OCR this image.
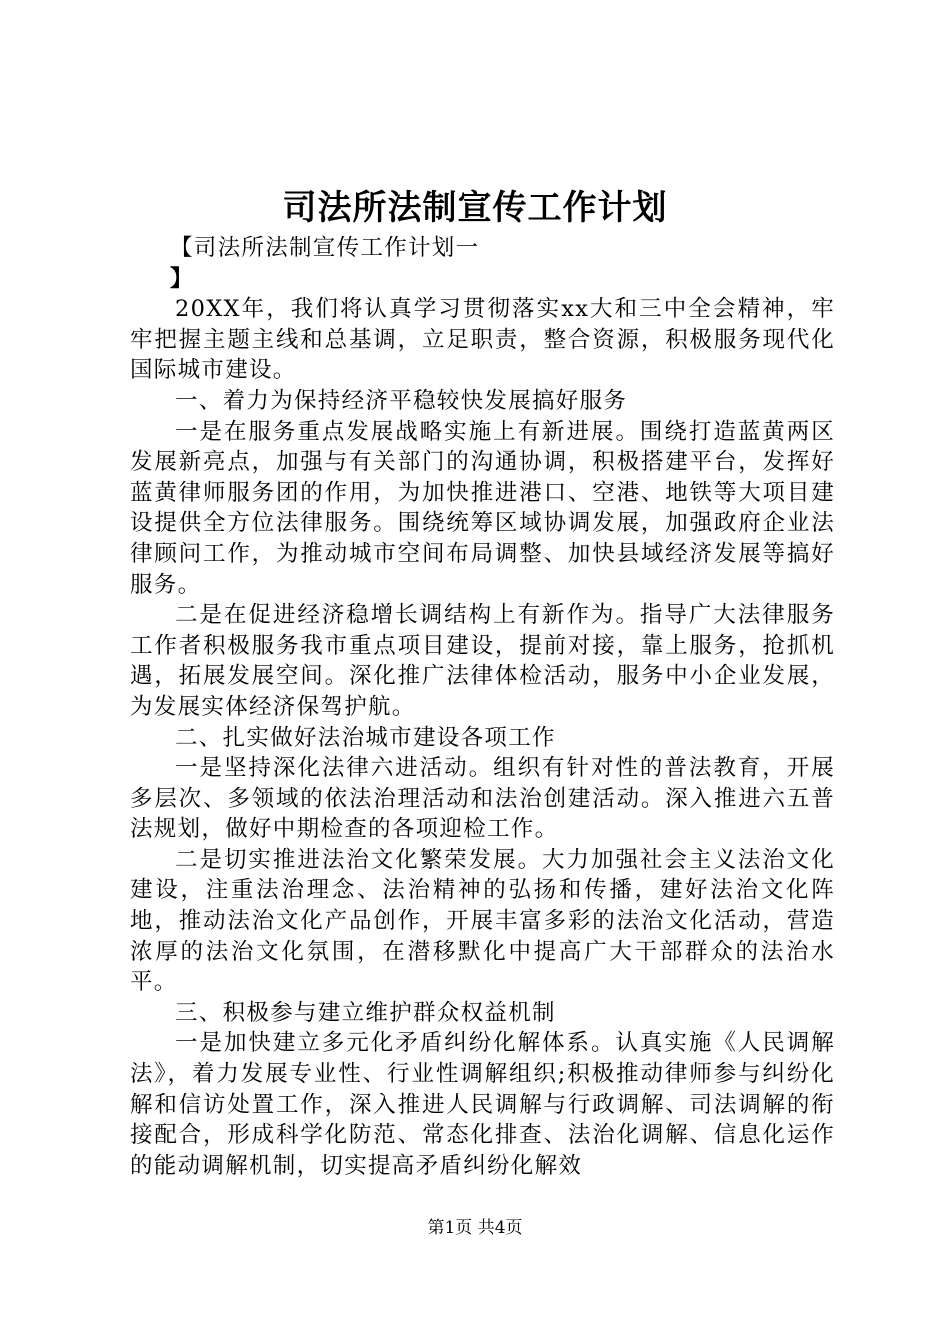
司法所法制宣传工作计划

【司法所法制宣传工作计划一

】

20XX年，我们将认真学习贯彻落实xx大和三中全会精神，牢牢把握主题主线和总基调，立足职责，整合资源，积极服务现代化国际城市建设。

一、着力为保持经济平稳较快发展搞好服务

一是在服务重点发展战略实施上有新进展。围绕打造蓝黄两区发展新亮点，加强与有关部门的沟通协调，积极搭建平台，发挥好蓝黄律师服务团的作用，为加快推进港口、空港、地铁等大项目建设提供全方位法律服务。围绕统筹区域协调发展，加强政府企业法律顾问工作，为推动城市空间布局调整、加快县域经济发展等搞好服务。

二是在促进经济稳增长调结构上有新作为。指导广大法律服务工作者积极服务我市重点项目建设，提前对接，靠上服务，抢抓机遇，拓展发展空间。深化推广法律体检活动，服务中小企业发展，为发展实体经济保驾护航。

二、扎实做好法治城市建设各项工作

一是坚持深化法律六进活动。组织有针对性的普法教育，开展多层次、多领域的依法治理活动和法治创建活动。深入推进六五普法规划，做好中期检查的各项迎检工作。

二是切实推进法治文化繁荣发展。大力加强社会主义法治文化建设，注重法治理念、法治精神的弘扬和传播，建好法治文化阵地，推动法治文化产品创作，开展丰富多彩的法治文化活动，营造浓厚的法治文化氛围，在潜移默化中提高广大干部群众的法治水平。

三、积极参与建立维护群众权益机制

一是加快建立多元化矛盾纠纷化解体系。认真实施《人民调解法》，着力发展专业性、行业性调解组织;积极推动律师参与纠纷化解和信访处置工作，深入推进人民调解与行政调解、司法调解的衔接配合，形成科学化防范、常态化排查、法治化调解、信息化运作的能动调解机制，切实提高矛盾纠纷化解效

第1页 共4页
